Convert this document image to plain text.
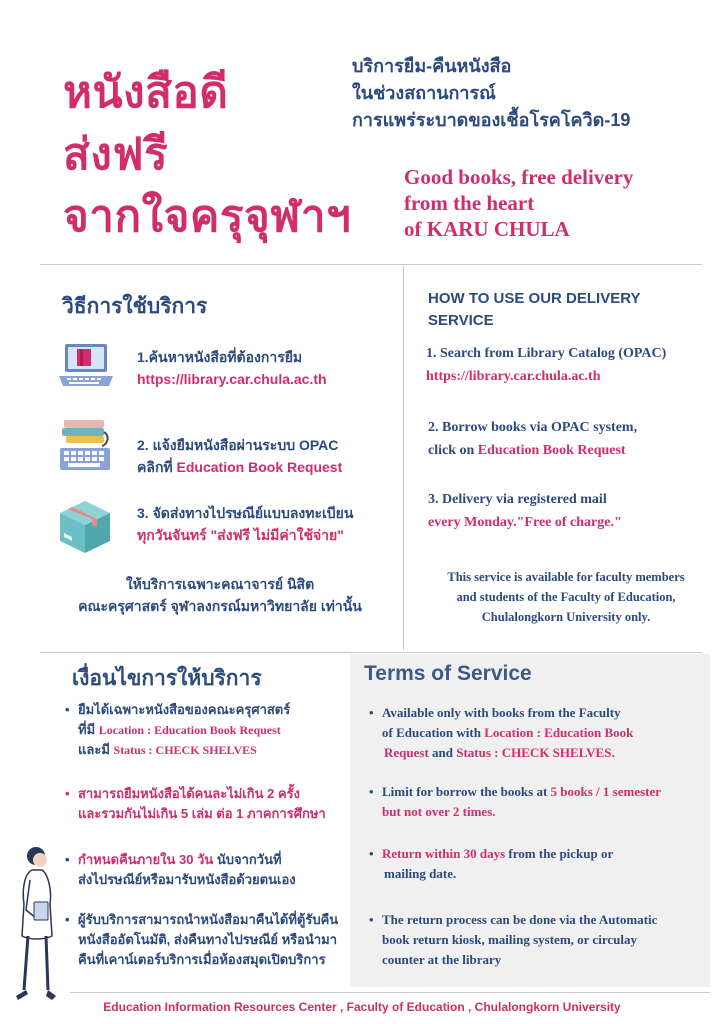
หนังสือดี
ส่งฟรี
จากใจครุจุฬาฯ
บริการยืม-คืนหนังสือ
ในช่วงสถานการณ์
การแพร่ระบาดของเชื้อโรคโควิด-19
Good books, free delivery
from the heart
of KARU CHULA
วิธีการใช้บริการ
1.ค้นหาหนังสือที่ต้องการยืม
https://library.car.chula.ac.th
2. แจ้งยืมหนังสือผ่านระบบ OPAC
คลิกที่ Education Book Request
3. จัดส่งทางไปรษณีย์แบบลงทะเบียน
ทุกวันจันทร์ "ส่งฟรี ไม่มีค่าใช้จ่าย"
ให้บริการเฉพาะคณาจารย์ นิสิต
คณะครุศาสตร์ จุฬาลงกรณ์มหาวิทยาลัย เท่านั้น
HOW TO USE OUR DELIVERY
SERVICE
1. Search from Library Catalog (OPAC)
https://library.car.chula.ac.th
2. Borrow books via OPAC system,
click on Education Book Request
3. Delivery via registered mail
every Monday."Free of charge."
This service is available for faculty members
and students of the Faculty of Education,
Chulalongkorn University only.
เงื่อนไขการให้บริการ	Terms of Service
• ยืมได้เฉพาะหนังสือของคณะครุศาสตร์
ที่มี Location : Education Book Request
และมี Status : CHECK SHELVES
• สามารถยืมหนังสือได้คนละไม่เกิน 2 ครั้ง
และรวมกันไม่เกิน 5 เล่ม ต่อ 1 ภาคการศึกษา
• กำหนดคืนภายใน 30 วัน นับจากวันที่
ส่งไปรษณีย์หรือมารับหนังสือด้วยตนเอง
• ผู้รับบริการสามารถนำหนังสือมาคืนได้ที่ตู้รับคืน
หนังสืออัตโนมัติ, ส่งคืนทางไปรษณีย์ หรือนำมา
คืนที่เคาน์เตอร์บริการเมื่อห้องสมุดเปิดบริการ
• Available only with books from the Faculty
of Education with Location : Education Book
Request and Status : CHECK SHELVES.
• Limit for borrow the books at 5 books / 1 semester
but not over 2 times.
• Return within 30 days from the pickup or
mailing date.
• The return process can be done via the Automatic
book return kiosk, mailing system, or circulay
counter at the library
Education Information Resources Center , Faculty of Education , Chulalongkorn University
